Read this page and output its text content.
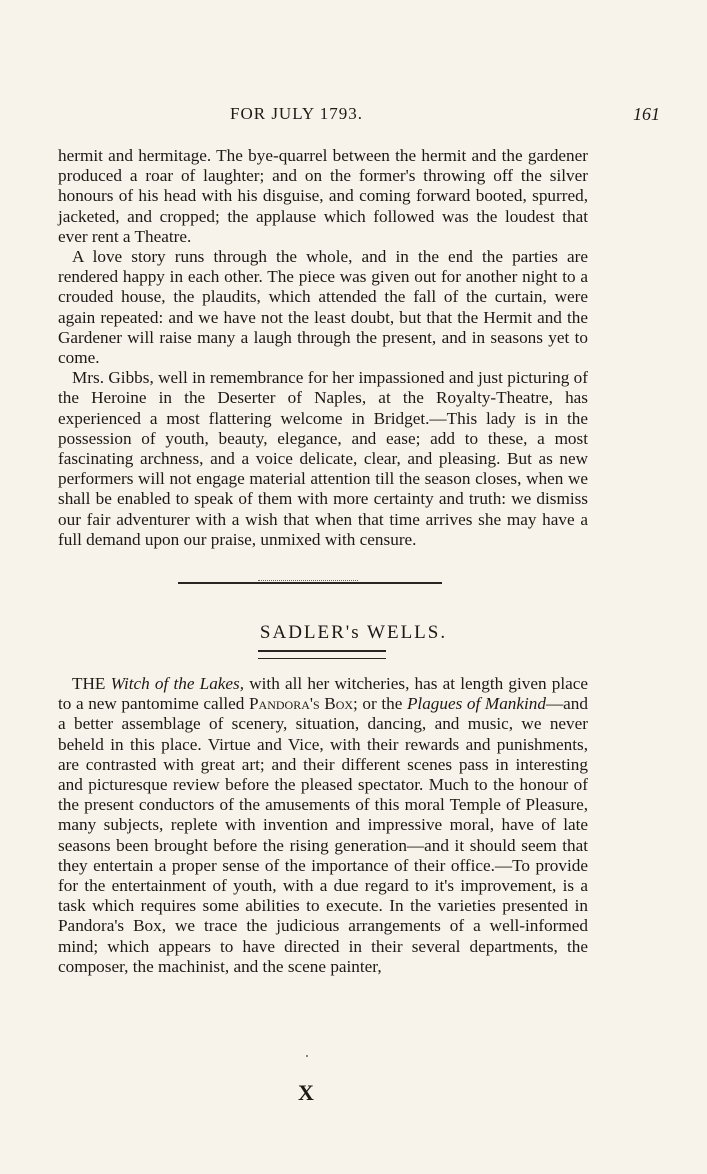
FOR JULY 1793.	161

hermit and hermitage. The bye-quarrel between the hermit and the gardener produced a roar of laughter; and on the former's throwing off the silver honours of his head with his disguise, and coming forward booted, spurred, jacketed, and cropped; the applause which followed was the loudest that ever rent a Theatre.

A love story runs through the whole, and in the end the parties are rendered happy in each other. The piece was given out for another night to a crouded house, the plaudits, which attended the fall of the curtain, were again repeated: and we have not the least doubt, but that the Hermit and the Gardener will raise many a laugh through the present, and in seasons yet to come.

Mrs. Gibbs, well in remembrance for her impassioned and just picturing of the Heroine in the Deserter of Naples, at the Royalty-Theatre, has experienced a most flattering welcome in Bridget.—This lady is in the possession of youth, beauty, elegance, and ease; add to these, a most fascinating archness, and a voice delicate, clear, and pleasing. But as new performers will not engage material attention till the season closes, when we shall be enabled to speak of them with more certainty and truth: we dismiss our fair adventurer with a wish that when that time arrives she may have a full demand upon our praise, unmixed with censure.

SADLER's WELLS.

THE Witch of the Lakes, with all her witcheries, has at length given place to a new pantomime called Pandora's Box; or the Plagues of Mankind—and a better assemblage of scenery, situation, dancing, and music, we never beheld in this place. Virtue and Vice, with their rewards and punishments, are contrasted with great art; and their different scenes pass in interesting and picturesque review before the pleased spectator. Much to the honour of the present conductors of the amusements of this moral Temple of Pleasure, many subjects, replete with invention and impressive moral, have of late seasons been brought before the rising generation—and it should seem that they entertain a proper sense of the importance of their office.—To provide for the entertainment of youth, with a due regard to it's improvement, is a task which requires some abilities to execute. In the varieties presented in Pandora's Box, we trace the judicious arrangements of a well-informed mind; which appears to have directed in their several departments, the composer, the machinist, and the scene painter,

X
